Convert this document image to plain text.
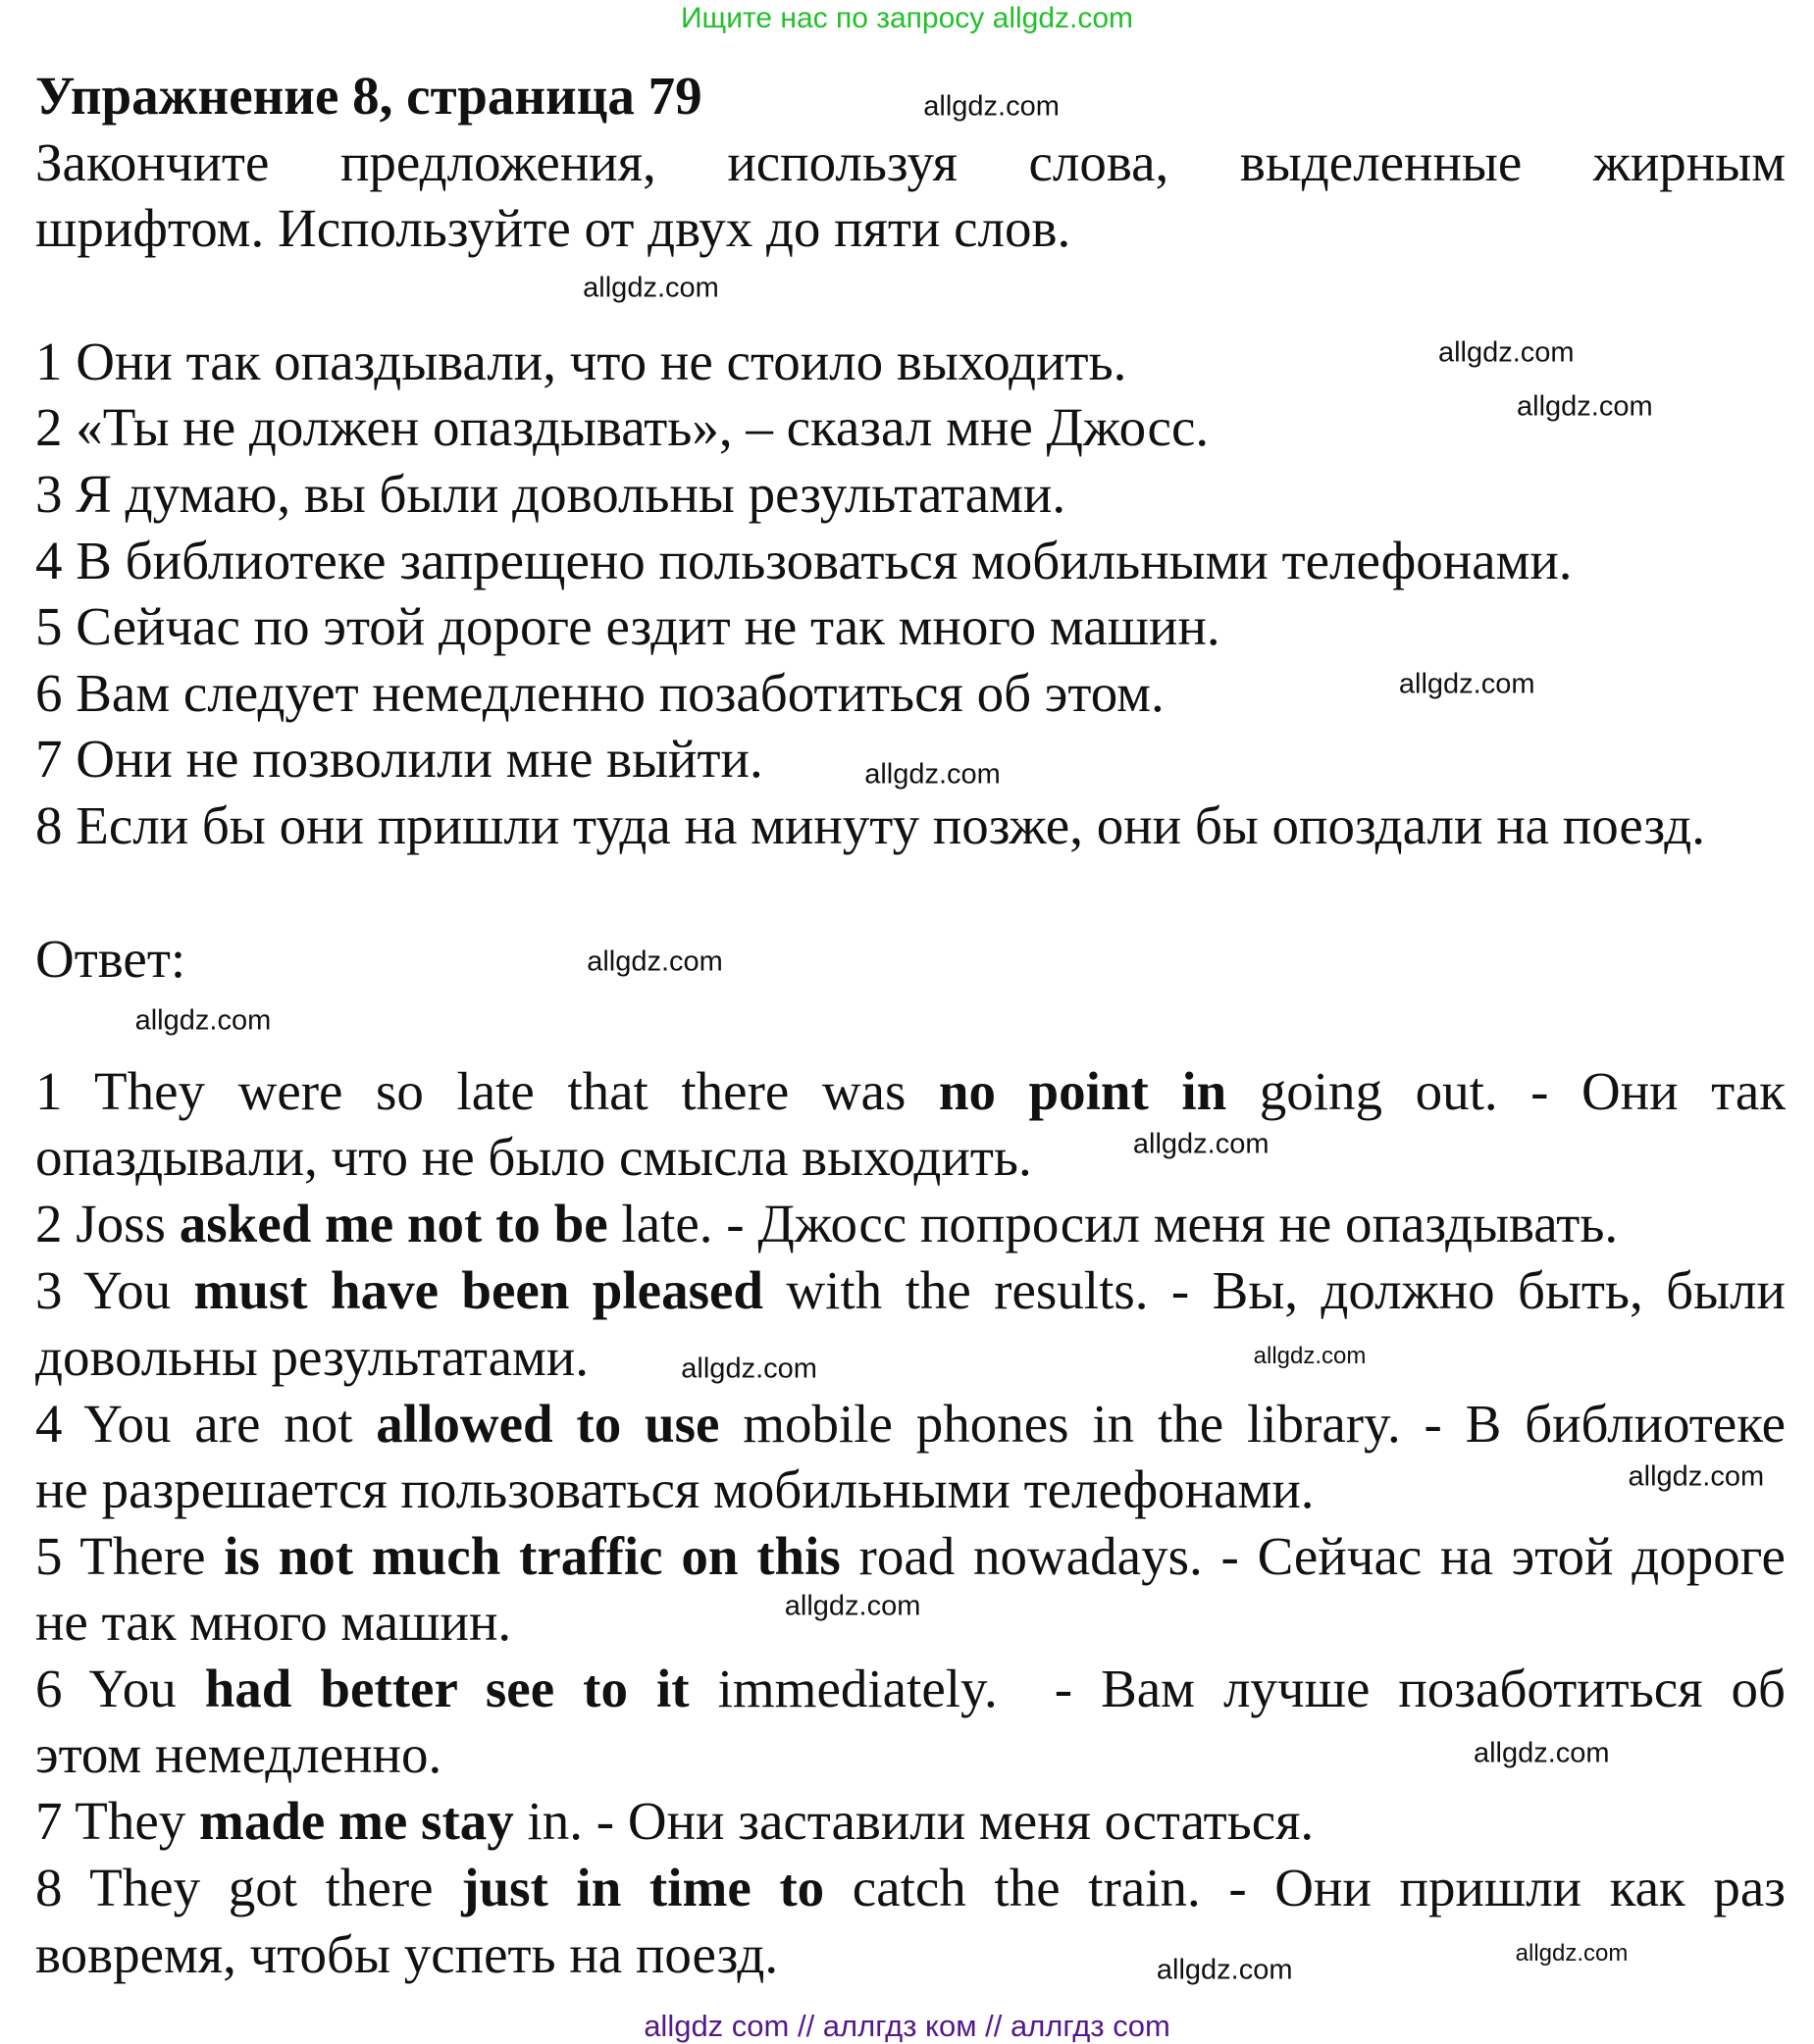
Ищите нас по запросу allgdz.com
Упражнение 8, страница 79
Закончите предложения, используя слова, выделенные жирным
шрифтом. Используйте от двух до пяти слов.
1 Они так опаздывали, что не стоило выходить.
2 «Ты не должен опаздывать», – сказал мне Джосс.
3 Я думаю, вы были довольны результатами.
4 В библиотеке запрещено пользоваться мобильными телефонами.
5 Сейчас по этой дороге ездит не так много машин.
6 Вам следует немедленно позаботиться об этом.
7 Они не позволили мне выйти.
8 Если бы они пришли туда на минуту позже, они бы опоздали на поезд.
Ответ:
1 They were so late that there was no point in going out. - Они так
опаздывали, что не было смысла выходить.
2 Joss asked me not to be late. - Джосс попросил меня не опаздывать.
3 You must have been pleased with the results. - Вы, должно быть, были
довольны результатами.
4 You are not allowed to use mobile phones in the library. - В библиотеке
не разрешается пользоваться мобильными телефонами.
5 There is not much traffic on this road nowadays. - Сейчас на этой дороге
не так много машин.
6 You had better see to it immediately.  - Вам лучше позаботиться об
этом немедленно.
7 They made me stay in. - Они заставили меня остаться.
8 They got there just in time to catch the train. - Они пришли как раз
вовремя, чтобы успеть на поезд.
allgdz.com
allgdz.com
allgdz.com
allgdz.com
allgdz.com
allgdz.com
allgdz.com
allgdz.com
allgdz.com
allgdz.com
allgdz.com
allgdz.com
allgdz.com
allgdz.com
allgdz.com
allgdz.com
allgdz com // аллгдз ком // аллгдз com
